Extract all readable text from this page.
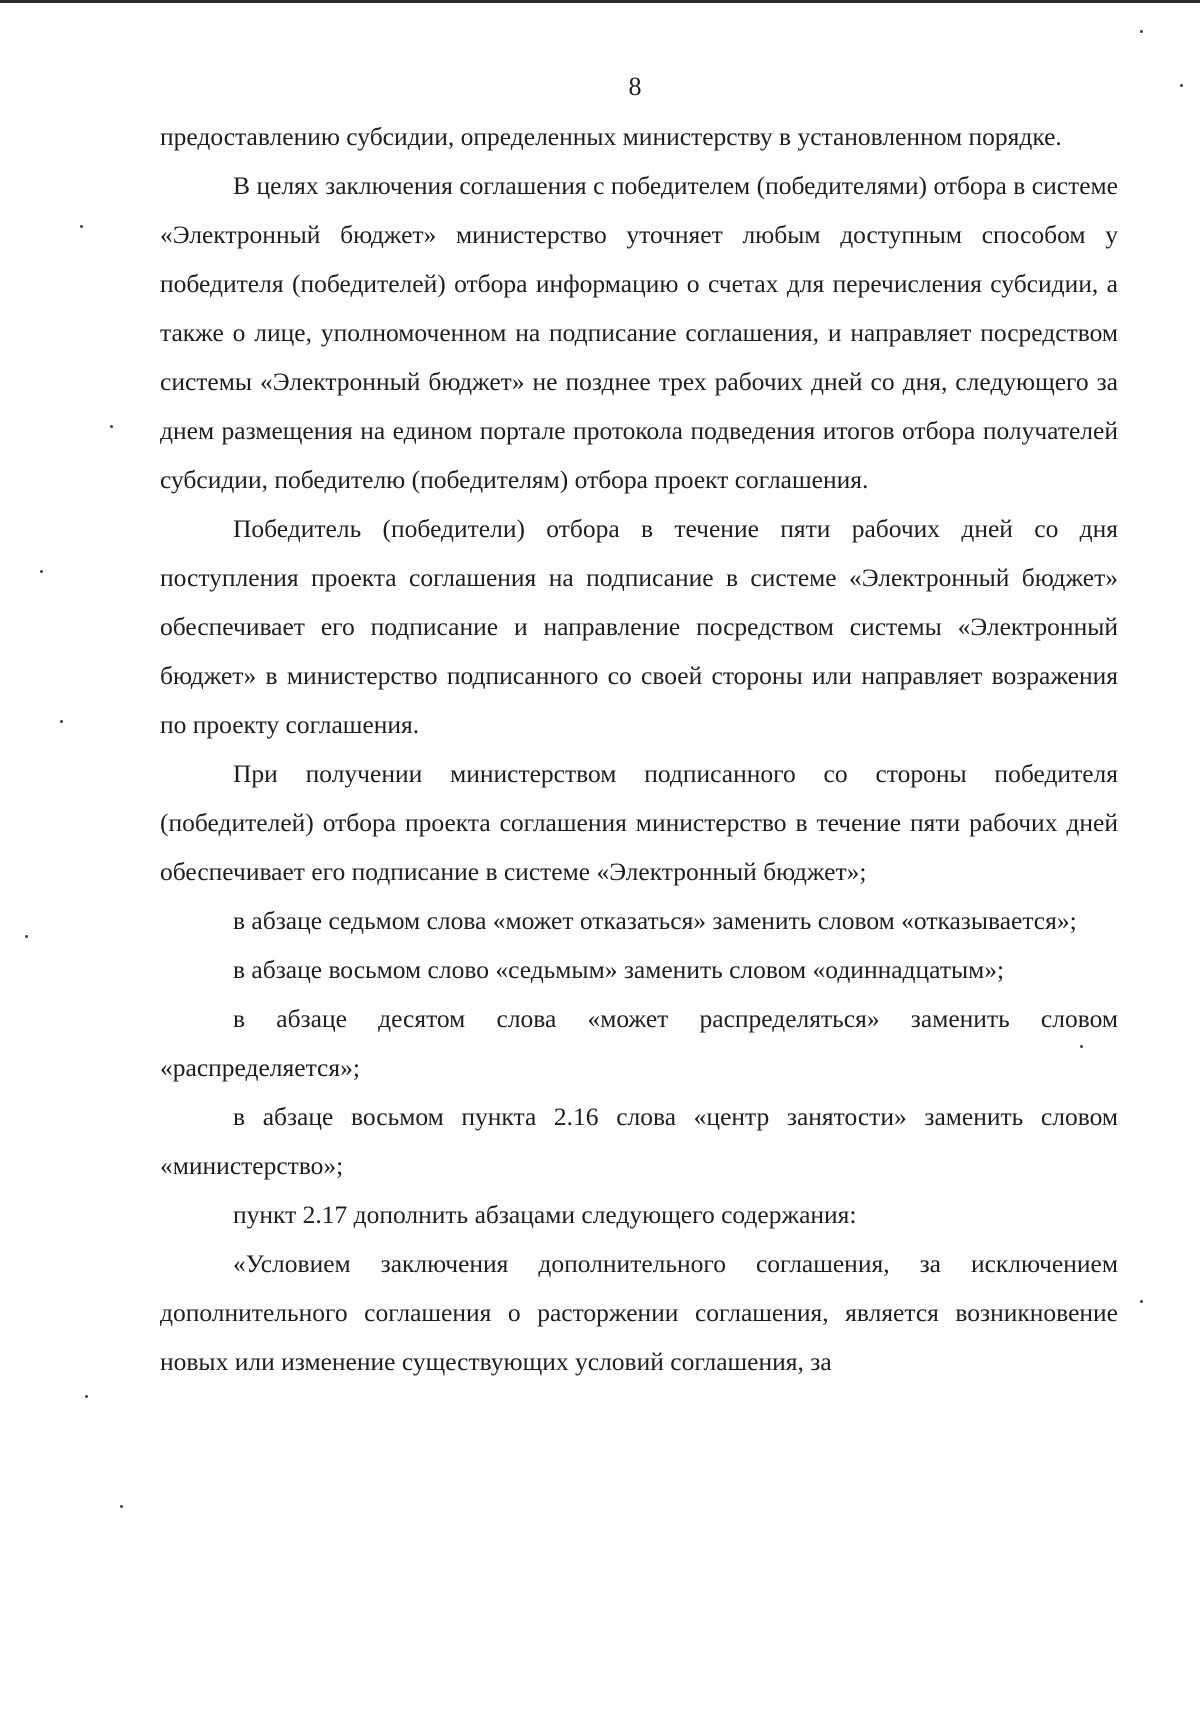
8

предоставлению субсидии, определенных министерству в установленном порядке.

В целях заключения соглашения с победителем (победителями) отбора в системе «Электронный бюджет» министерство уточняет любым доступным способом у победителя (победителей) отбора информацию о счетах для перечисления субсидии, а также о лице, уполномоченном на подписание соглашения, и направляет посредством системы «Электронный бюджет» не позднее трех рабочих дней со дня, следующего за днем размещения на едином портале протокола подведения итогов отбора получателей субсидии, победителю (победителям) отбора проект соглашения.

Победитель (победители) отбора в течение пяти рабочих дней со дня поступления проекта соглашения на подписание в системе «Электронный бюджет» обеспечивает его подписание и направление посредством системы «Электронный бюджет» в министерство подписанного со своей стороны или направляет возражения по проекту соглашения.

При получении министерством подписанного со стороны победителя (победителей) отбора проекта соглашения министерство в течение пяти рабочих дней обеспечивает его подписание в системе «Электронный бюджет»;

в абзаце седьмом слова «может отказаться» заменить словом «отказывается»;

в абзаце восьмом слово «седьмым» заменить словом «одиннадцатым»;

в абзаце десятом слова «может распределяться» заменить словом «распределяется»;

в абзаце восьмом пункта 2.16 слова «центр занятости» заменить словом «министерство»;

пункт 2.17 дополнить абзацами следующего содержания:

«Условием заключения дополнительного соглашения, за исключением дополнительного соглашения о расторжении соглашения, является возникновение новых или изменение существующих условий соглашения, за
